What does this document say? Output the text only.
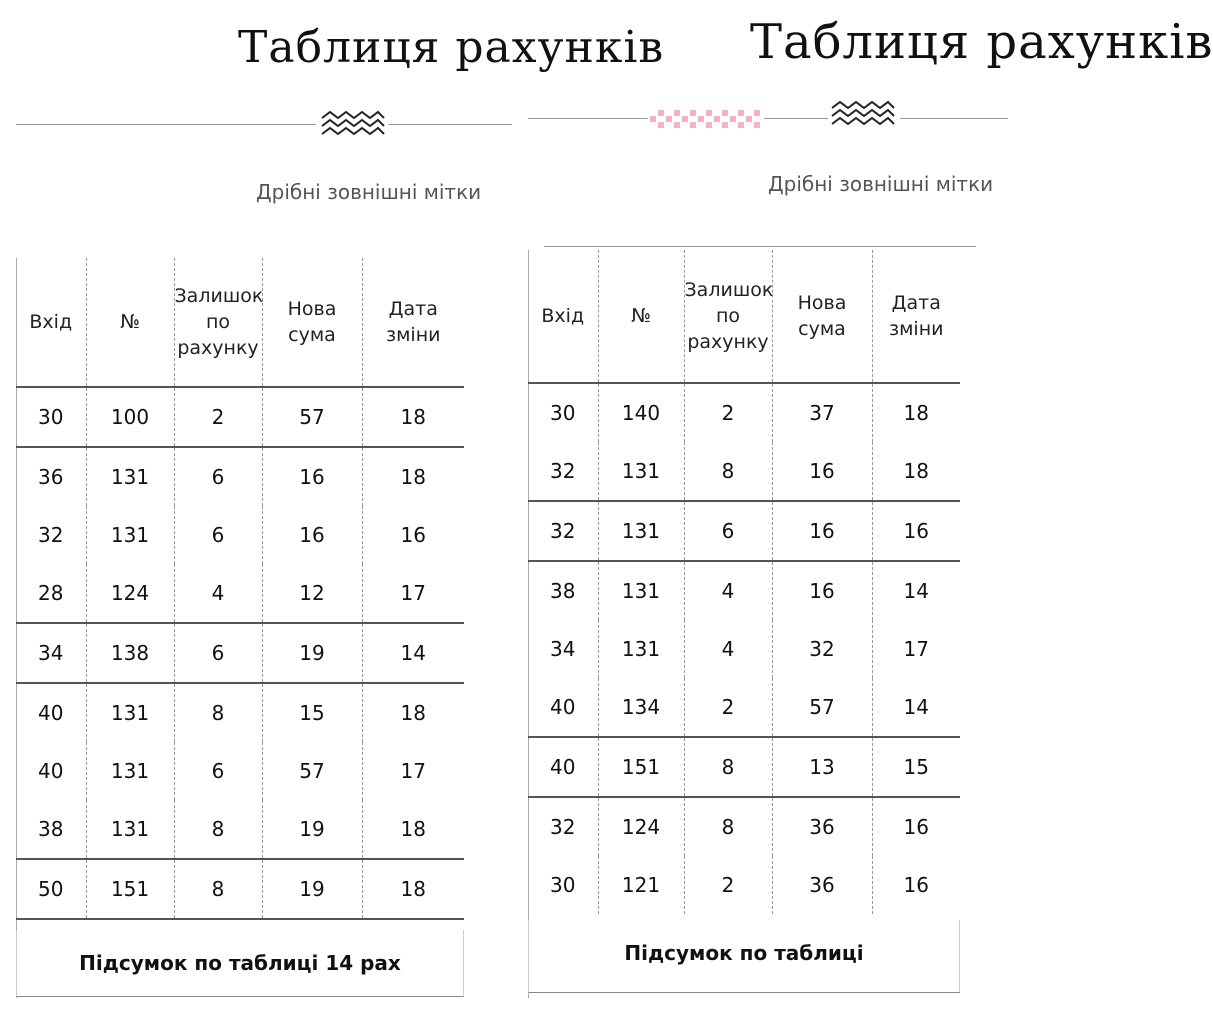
Таблиця рахунків
Дрібні зовнішні мітки
Вхід	№	Залишок по рахунку	Нова сума	Дата зміни
30	100	2	57	18
36	131	6	16	18
32	131	6	16	16
28	124	4	12	17
34	138	6	19	14
40	131	8	15	18
40	131	6	57	17
38	131	8	19	18
50	151	8	19	18
Підсумок по таблиці 14 рах
Таблиця рахунків
Дрібні зовнішні мітки
Вхід	№	Залишок по рахунку	Нова сума	Дата зміни
30	140	2	37	18
32	131	8	16	18
32	131	6	16	16
38	131	4	16	14
34	131	4	32	17
40	134	2	57	14
40	151	8	13	15
32	124	8	36	16
30	121	2	36	16
Підсумок по таблиці
